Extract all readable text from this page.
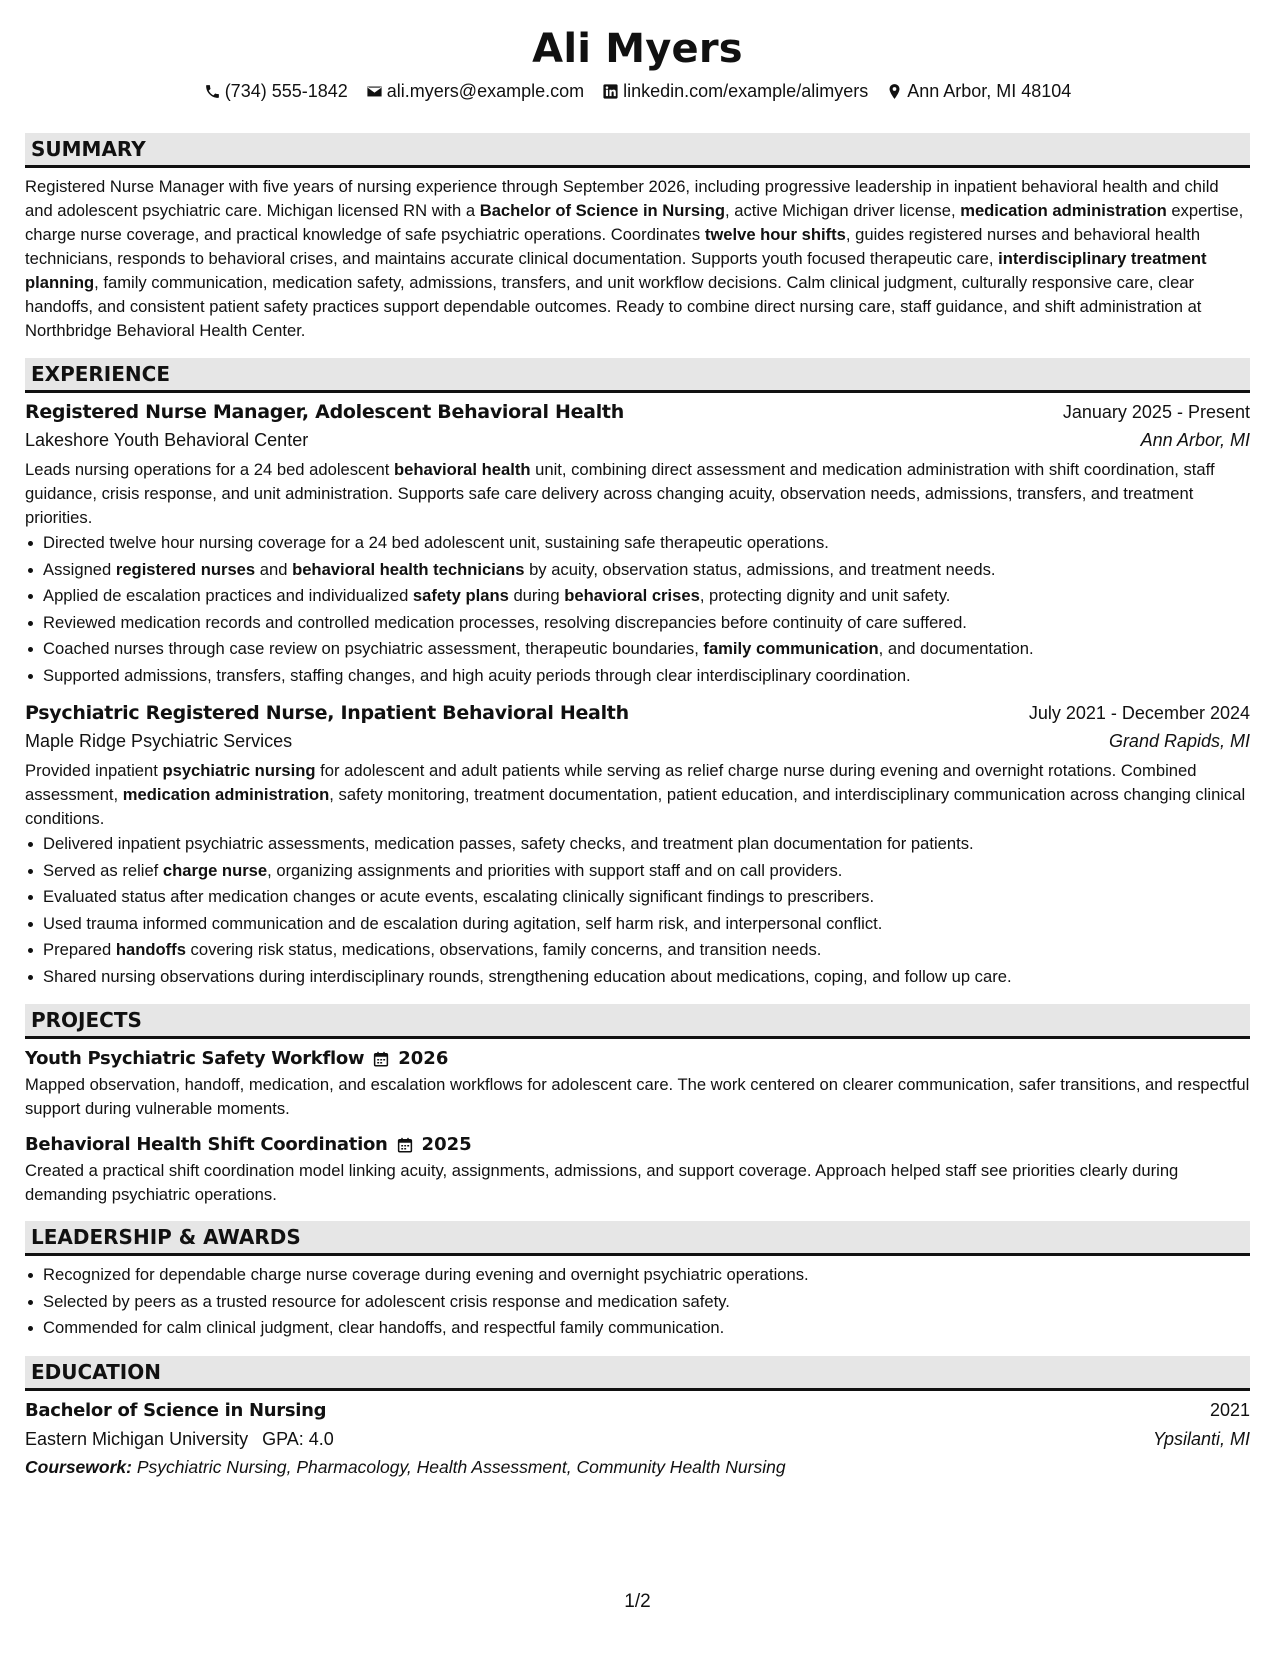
Ali Myers
(734) 555-1842 ali.myers@example.com linkedin.com/example/alimyers Ann Arbor, MI 48104
SUMMARY

Registered Nurse Manager with five years of nursing experience through September 2026, including progressive leadership in inpatient behavioral health and child and adolescent psychiatric care. Michigan licensed RN with a Bachelor of Science in Nursing, active Michigan driver license, medication administration expertise, charge nurse coverage, and practical knowledge of safe psychiatric operations. Coordinates twelve hour shifts, guides registered nurses and behavioral health technicians, responds to behavioral crises, and maintains accurate clinical documentation. Supports youth focused therapeutic care, interdisciplinary treatment planning, family communication, medication safety, admissions, transfers, and unit workflow decisions. Calm clinical judgment, culturally responsive care, clear handoffs, and consistent patient safety practices support dependable outcomes. Ready to combine direct nursing care, staff guidance, and shift administration at Northbridge Behavioral Health Center.

EXPERIENCE
Registered Nurse Manager, Adolescent Behavioral Health	January 2025 - Present
Lakeshore Youth Behavioral Center	Ann Arbor, MI

Leads nursing operations for a 24 bed adolescent behavioral health unit, combining direct assessment and medication administration with shift coordination, staff guidance, crisis response, and unit administration. Supports safe care delivery across changing acuity, observation needs, admissions, transfers, and treatment priorities.

Directed twelve hour nursing coverage for a 24 bed adolescent unit, sustaining safe therapeutic operations.
Assigned registered nurses and behavioral health technicians by acuity, observation status, admissions, and treatment needs.
Applied de escalation practices and individualized safety plans during behavioral crises, protecting dignity and unit safety.
Reviewed medication records and controlled medication processes, resolving discrepancies before continuity of care suffered.
Coached nurses through case review on psychiatric assessment, therapeutic boundaries, family communication, and documentation.
Supported admissions, transfers, staffing changes, and high acuity periods through clear interdisciplinary coordination.
Psychiatric Registered Nurse, Inpatient Behavioral Health	July 2021 - December 2024
Maple Ridge Psychiatric Services	Grand Rapids, MI

Provided inpatient psychiatric nursing for adolescent and adult patients while serving as relief charge nurse during evening and overnight rotations. Combined assessment, medication administration, safety monitoring, treatment documentation, patient education, and interdisciplinary communication across changing clinical conditions.

Delivered inpatient psychiatric assessments, medication passes, safety checks, and treatment plan documentation for patients.
Served as relief charge nurse, organizing assignments and priorities with support staff and on call providers.
Evaluated status after medication changes or acute events, escalating clinically significant findings to prescribers.
Used trauma informed communication and de escalation during agitation, self harm risk, and interpersonal conflict.
Prepared handoffs covering risk status, medications, observations, family concerns, and transition needs.
Shared nursing observations during interdisciplinary rounds, strengthening education about medications, coping, and follow up care.
PROJECTS
Youth Psychiatric Safety Workflow 2026

Mapped observation, handoff, medication, and escalation workflows for adolescent care. The work centered on clearer communication, safer transitions, and respectful support during vulnerable moments.

Behavioral Health Shift Coordination 2025

Created a practical shift coordination model linking acuity, assignments, admissions, and support coverage. Approach helped staff see priorities clearly during demanding psychiatric operations.

LEADERSHIP & AWARDS
Recognized for dependable charge nurse coverage during evening and overnight psychiatric operations.
Selected by peers as a trusted resource for adolescent crisis response and medication safety.
Commended for calm clinical judgment, clear handoffs, and respectful family communication.
EDUCATION
Bachelor of Science in Nursing	2021
Eastern Michigan University GPA: 4.0	Ypsilanti, MI
Coursework: Psychiatric Nursing, Pharmacology, Health Assessment, Community Health Nursing
1/2
